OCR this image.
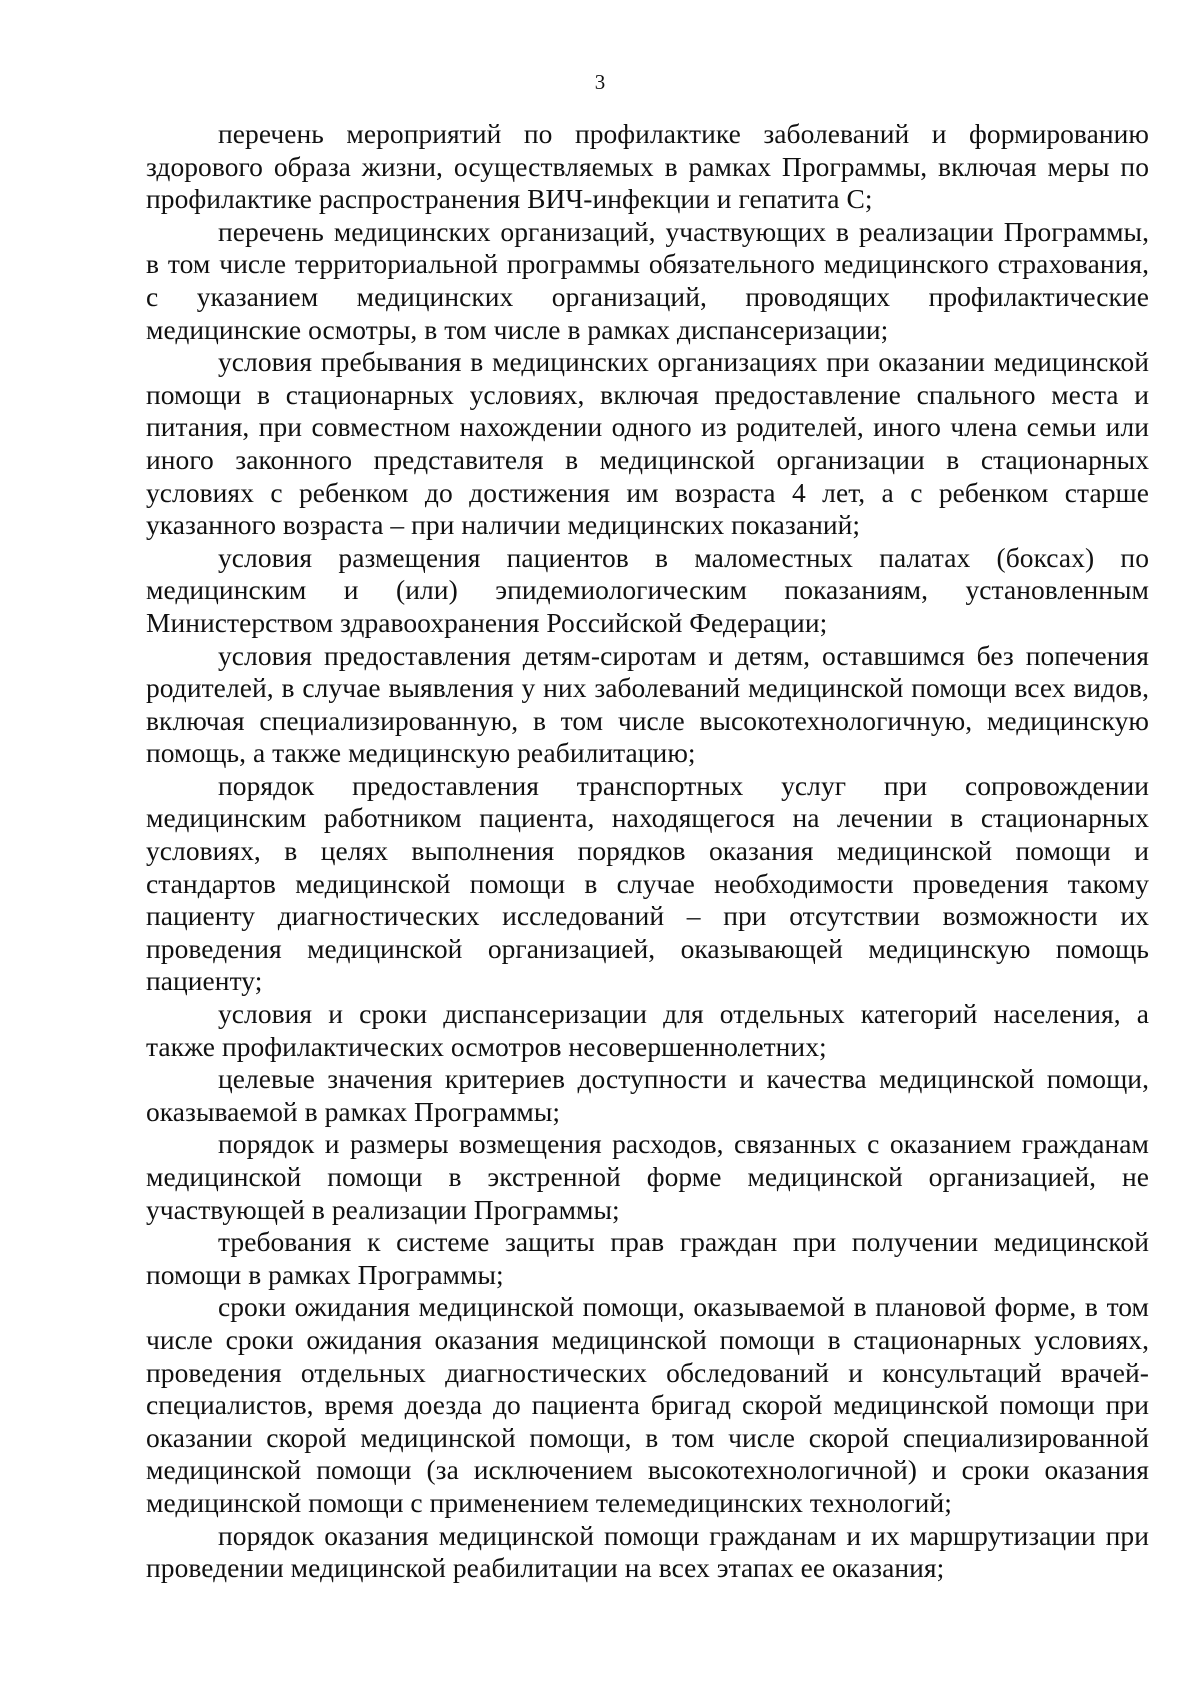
3

перечень мероприятий по профилактике заболеваний и формированию здорового образа жизни, осуществляемых в рамках Программы, включая меры по профилактике распространения ВИЧ-инфекции и гепатита С;

перечень медицинских организаций, участвующих в реализации Программы, в том числе территориальной программы обязательного медицинского страхования, с указанием медицинских организаций, проводящих профилактические медицинские осмотры, в том числе в рамках диспансеризации;

условия пребывания в медицинских организациях при оказании медицинской помощи в стационарных условиях, включая предоставление спального места и питания, при совместном нахождении одного из родителей, иного члена семьи или иного законного представителя в медицинской организации в стационарных условиях с ребенком до достижения им возраста 4 лет, а с ребенком старше указанного возраста – при наличии медицинских показаний;

условия размещения пациентов в маломестных палатах (боксах) по медицинским и (или) эпидемиологическим показаниям, установленным Министерством здравоохранения Российской Федерации;

условия предоставления детям-сиротам и детям, оставшимся без попечения родителей, в случае выявления у них заболеваний медицинской помощи всех видов, включая специализированную, в том числе высокотехнологичную, медицинскую помощь, а также медицинскую реабилитацию;

порядок предоставления транспортных услуг при сопровождении медицинским работником пациента, находящегося на лечении в стационарных условиях, в целях выполнения порядков оказания медицинской помощи и стандартов медицинской помощи в случае необходимости проведения такому пациенту диагностических исследований – при отсутствии возможности их проведения медицинской организацией, оказывающей медицинскую помощь пациенту;

условия и сроки диспансеризации для отдельных категорий населения, а также профилактических осмотров несовершеннолетних;

целевые значения критериев доступности и качества медицинской помощи, оказываемой в рамках Программы;

порядок и размеры возмещения расходов, связанных с оказанием гражданам медицинской помощи в экстренной форме медицинской организацией, не участвующей в реализации Программы;

требования к системе защиты прав граждан при получении медицинской помощи в рамках Программы;

сроки ожидания медицинской помощи, оказываемой в плановой форме, в том числе сроки ожидания оказания медицинской помощи в стационарных условиях, проведения отдельных диагностических обследований и консультаций врачей-специалистов, время доезда до пациента бригад скорой медицинской помощи при оказании скорой медицинской помощи, в том числе скорой специализированной медицинской помощи (за исключением высокотехнологичной) и сроки оказания медицинской помощи с применением телемедицинских технологий;

порядок оказания медицинской помощи гражданам и их маршрутизации при проведении медицинской реабилитации на всех этапах ее оказания;
